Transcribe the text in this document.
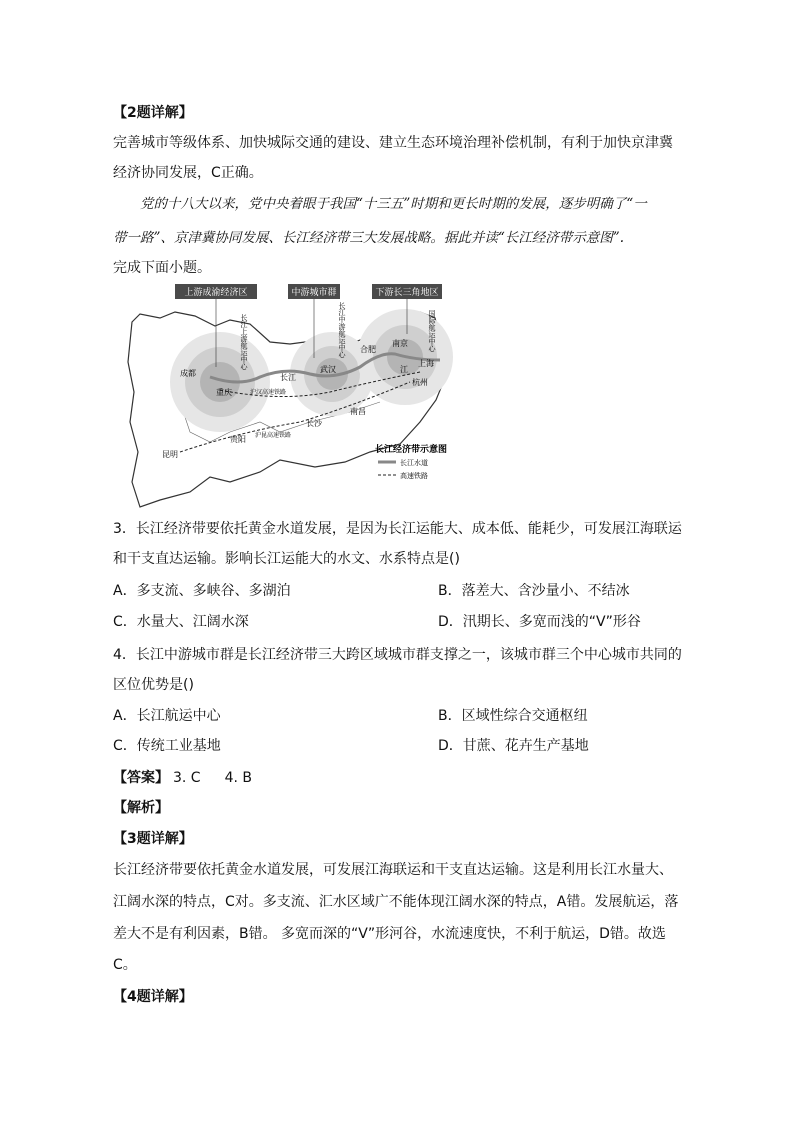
【2题详解】
完善城市等级体系、加快城际交通的建设、建立生态环境治理补偿机制，有利于加快京津冀
经济协同发展，C正确。
党的十八大以来，党中央着眼于我国“十三五”时期和更长时期的发展，逐步明确了“一
带一路”、京津冀协同发展、长江经济带三大发展战略。据此并读“长江经济带示意图”.
完成下面小题。
上游成渝经济区	中游城市群	下游长三角地区
长江上游航运中心	长江中游航运中心	国际航运中心
成都
重庆
武汉
合肥
南京
上海
杭州
长沙
南昌
贵阳
昆明
长江
江
沪汉高速铁路
沪昆高速铁路
长江经济带示意图
长江水道
高速铁路
3．长江经济带要依托黄金水道发展，是因为长江运能大、成本低、能耗少，可发展江海联运
和干支直达运输。影响长江运能大的水文、水系特点是()
A．多支流、多峡谷、多湖泊	B．落差大、含沙量小、不结冰
C．水量大、江阔水深	D．汛期长、多宽而浅的“V”形谷
4．长江中游城市群是长江经济带三大跨区域城市群支撑之一，该城市群三个中心城市共同的
区位优势是()
A．长江航运中心	B．区域性综合交通枢纽
C．传统工业基地	D．甘蔗、花卉生产基地
【答案】 3. C 4. B
【解析】
【3题详解】
长江经济带要依托黄金水道发展，可发展江海联运和干支直达运输。这是利用长江水量大、
江阔水深的特点，C对。多支流、汇水区域广不能体现江阔水深的特点，A错。发展航运，落
差大不是有利因素，B错。 多宽而深的“V”形河谷，水流速度快，不利于航运，D错。故选
C。
【4题详解】
